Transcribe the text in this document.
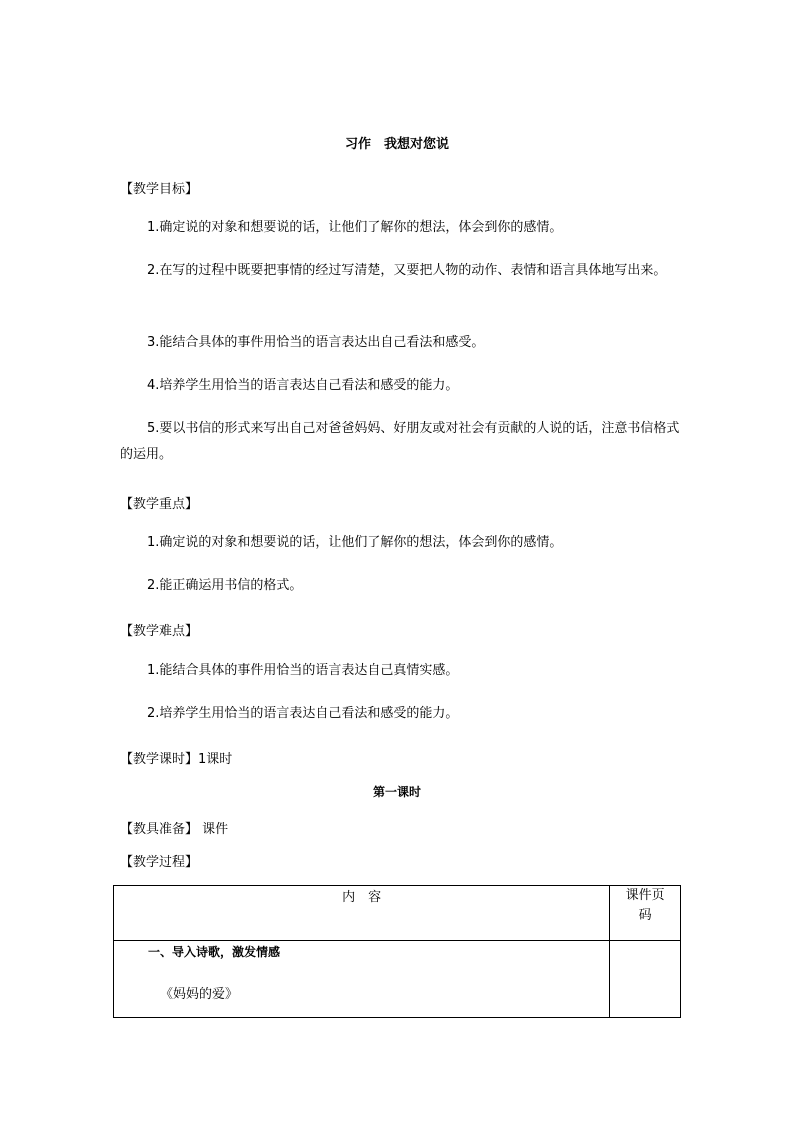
习作　我想对您说
【教学目标】
1.确定说的对象和想要说的话，让他们了解你的想法，体会到你的感情。
2.在写的过程中既要把事情的经过写清楚，又要把人物的动作、表情和语言具体地写出来。
3.能结合具体的事件用恰当的语言表达出自己看法和感受。
4.培养学生用恰当的语言表达自己看法和感受的能力。
5.要以书信的形式来写出自己对爸爸妈妈、好朋友或对社会有贡献的人说的话，注意书信格式的运用。
【教学重点】
1.确定说的对象和想要说的话，让他们了解你的想法，体会到你的感情。
2.能正确运用书信的格式。
【教学难点】
1.能结合具体的事件用恰当的语言表达自己真情实感。
2.培养学生用恰当的语言表达自己看法和感受的能力。
【教学课时】1课时
第一课时
【教具准备】 课件
【教学过程】
内　容	课件页
码

一、导入诗歌，激发情感
《妈妈的爱》	
